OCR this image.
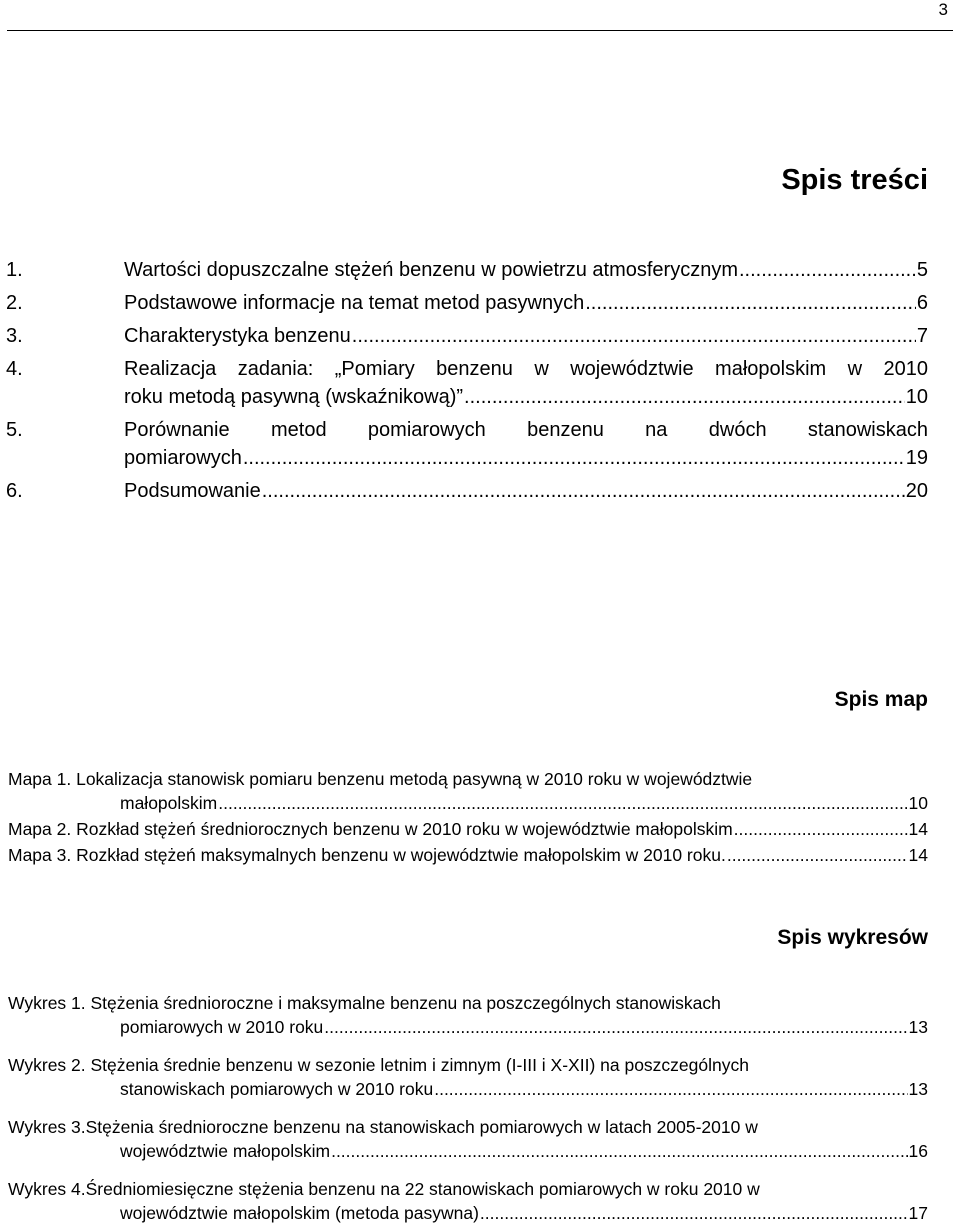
3
Spis treści
1.	Wartości dopuszczalne stężeń benzenu w powietrzu atmosferycznym .....	5
2.	Podstawowe informacje na temat metod pasywnych .....	6
3.	Charakterystyka benzenu .....	7
4.	Realizacja zadania: „Pomiary benzenu w województwie małopolskim w 2010
roku metodą pasywną (wskaźnikową)” .....	10
5.	Porównanie metod pomiarowych benzenu na dwóch stanowiskach
pomiarowych .....	19
6.	Podsumowanie .....	20
Spis map
Mapa 1. Lokalizacja stanowisk pomiaru benzenu metodą pasywną w 2010 roku w województwie
małopolskim .....	10
Mapa 2. Rozkład stężeń średniorocznych benzenu w 2010 roku w województwie małopolskim .....	14
Mapa 3. Rozkład stężeń maksymalnych benzenu w województwie małopolskim w 2010 roku. .....	14
Spis wykresów
Wykres 1. Stężenia średnioroczne i maksymalne benzenu na poszczególnych stanowiskach
pomiarowych w 2010 roku .....	13
Wykres 2. Stężenia średnie benzenu w sezonie letnim i zimnym (I-III i X-XII) na poszczególnych
stanowiskach pomiarowych w 2010 roku .....	13
Wykres 3.Stężenia średnioroczne benzenu na stanowiskach pomiarowych w latach 2005-2010 w
województwie małopolskim .....	16
Wykres 4.Średniomiesięczne stężenia benzenu na 22 stanowiskach pomiarowych w roku 2010 w
województwie małopolskim (metoda pasywna) .....	17
